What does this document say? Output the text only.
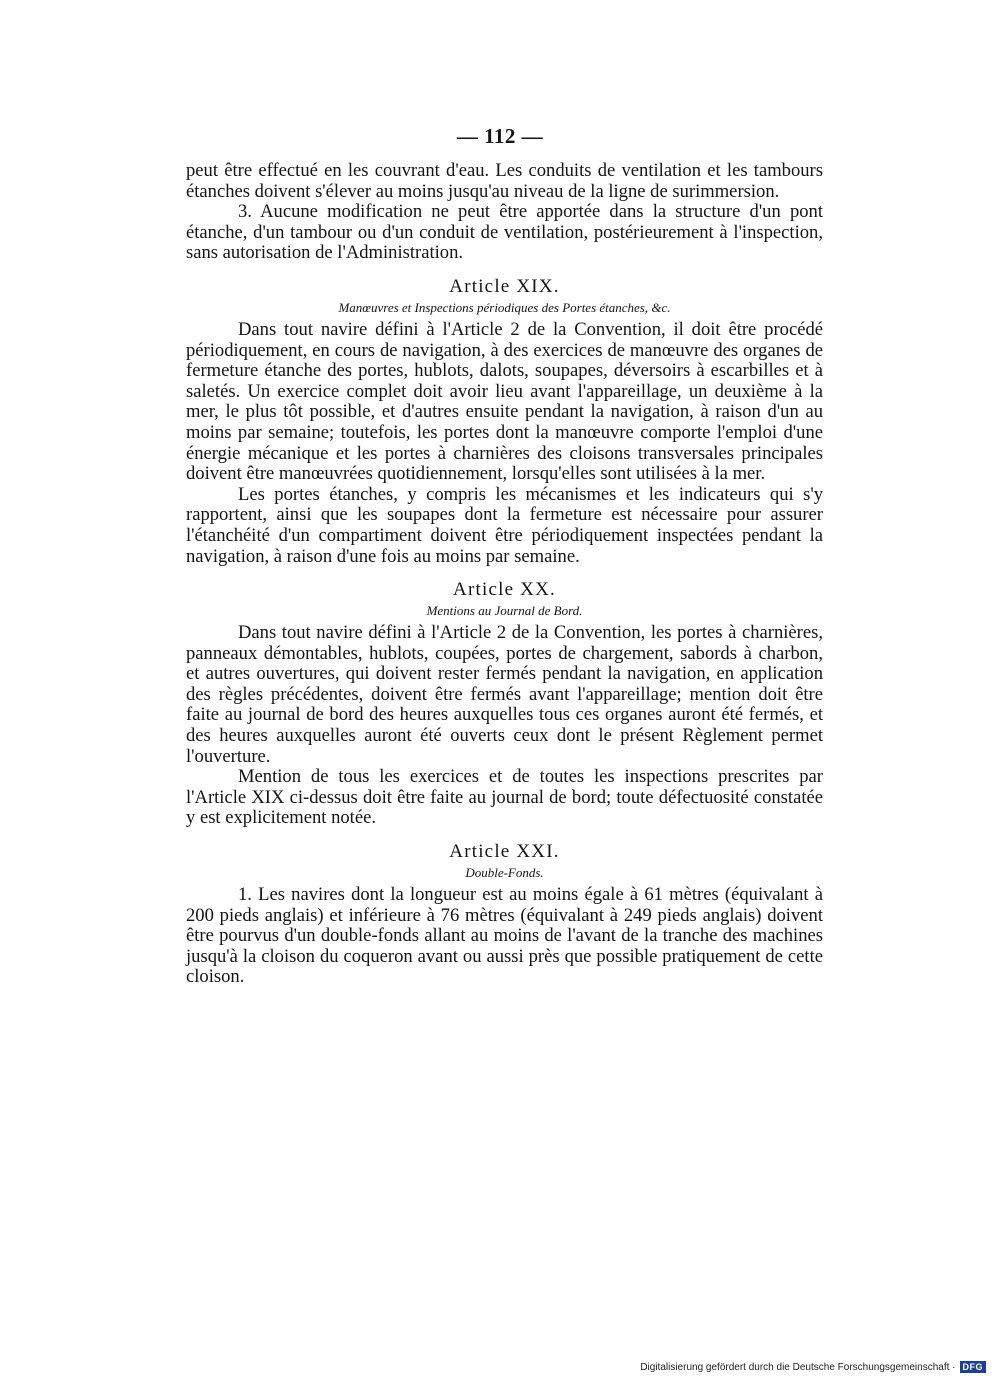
— 112 —

peut être effectué en les couvrant d'eau. Les conduits de ventilation et les tambours étanches doivent s'élever au moins jusqu'au niveau de la ligne de surimmersion.

3. Aucune modification ne peut être apportée dans la structure d'un pont étanche, d'un tambour ou d'un conduit de ventilation, postérieurement à l'inspection, sans autorisation de l'Administration.

Article XIX.
Manœuvres et Inspections périodiques des Portes étanches, &c.

Dans tout navire défini à l'Article 2 de la Convention, il doit être procédé périodiquement, en cours de navigation, à des exercices de manœuvre des organes de fermeture étanche des portes, hublots, dalots, soupapes, déversoirs à escarbilles et à saletés. Un exercice complet doit avoir lieu avant l'appareillage, un deuxième à la mer, le plus tôt possible, et d'autres ensuite pendant la navigation, à raison d'un au moins par semaine; toutefois, les portes dont la manœuvre comporte l'emploi d'une énergie mécanique et les portes à charnières des cloisons transversales principales doivent être manœuvrées quotidiennement, lorsqu'elles sont utilisées à la mer.

Les portes étanches, y compris les mécanismes et les indicateurs qui s'y rapportent, ainsi que les soupapes dont la fermeture est nécessaire pour assurer l'étanchéité d'un compartiment doivent être périodiquement inspectées pendant la navigation, à raison d'une fois au moins par semaine.

Article XX.
Mentions au Journal de Bord.

Dans tout navire défini à l'Article 2 de la Convention, les portes à charnières, panneaux démontables, hublots, coupées, portes de chargement, sabords à charbon, et autres ouvertures, qui doivent rester fermés pendant la navigation, en application des règles précédentes, doivent être fermés avant l'appareillage; mention doit être faite au journal de bord des heures auxquelles tous ces organes auront été fermés, et des heures auxquelles auront été ouverts ceux dont le présent Règlement permet l'ouverture.

Mention de tous les exercices et de toutes les inspections prescrites par l'Article XIX ci-dessus doit être faite au journal de bord; toute défectuosité constatée y est explicitement notée.

Article XXI.
Double-Fonds.

1. Les navires dont la longueur est au moins égale à 61 mètres (équivalant à 200 pieds anglais) et inférieure à 76 mètres (équivalant à 249 pieds anglais) doivent être pourvus d'un double-fonds allant au moins de l'avant de la tranche des machines jusqu'à la cloison du coqueron avant ou aussi près que possible pratiquement de cette cloison.

Digitalisierung gefördert durch die Deutsche Forschungsgemeinschaft · DFG
